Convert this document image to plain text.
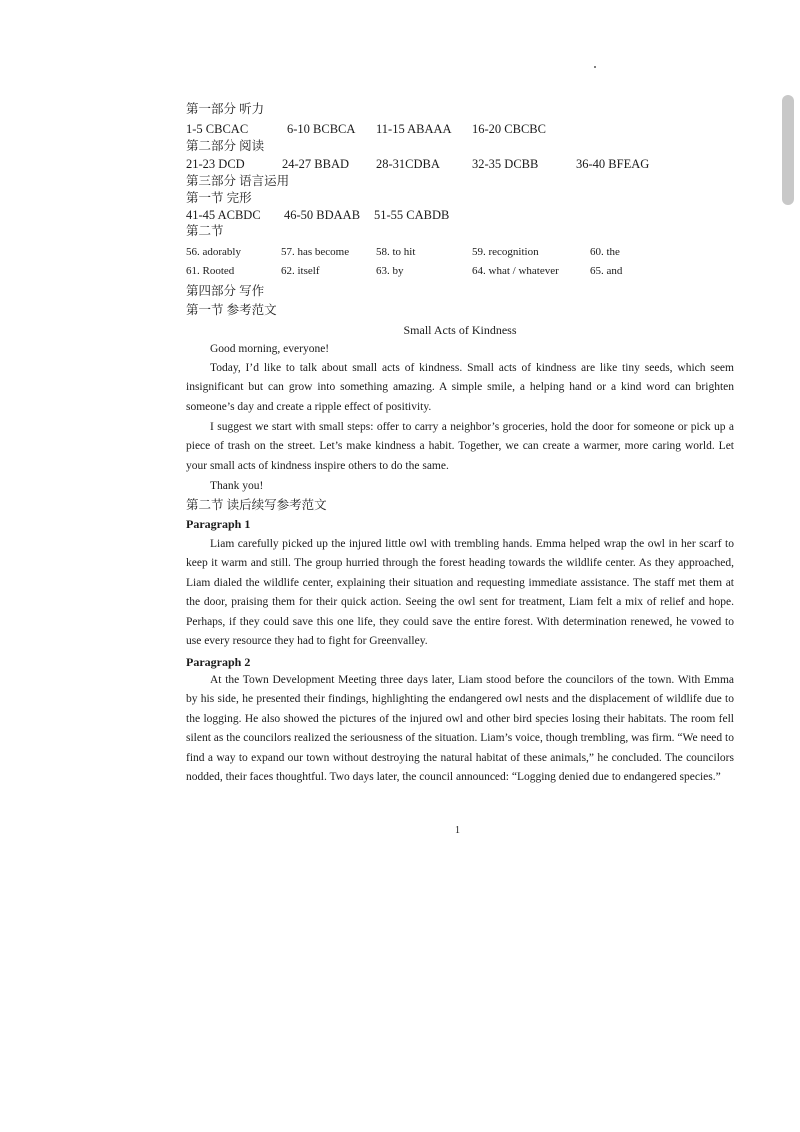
第一部分 听力
1-5 CBCAC	6-10 BCBCA 11-15 ABAAA 16-20 CBCBC
第二部分 阅读
21-23 DCD	24-27 BBAD 28-31CDBA	32-35 DCBB	36-40 BFEAG
第三部分 语言运用
第一节 完形
41-45 ACBDC 46-50 BDAAB 51-55 CABDB
第二节
56. adorably	57. has become 58. to hit	59. recognition	60. the
61. Rooted	62. itself	63. by	64. what / whatever	65. and
第四部分 写作
第一节 参考范文
Small Acts of Kindness

Good morning, everyone!

Today, I’d like to talk about small acts of kindness. Small acts of kindness are like tiny seeds, which seem insignificant but can grow into something amazing. A simple smile, a helping hand or a kind word can brighten someone’s day and create a ripple effect of positivity.

I suggest we start with small steps: offer to carry a neighbor’s groceries, hold the door for someone or pick up a piece of trash on the street. Let’s make kindness a habit. Together, we can create a warmer, more caring world. Let your small acts of kindness inspire others to do the same.

Thank you!

第二节 读后续写参考范文
Paragraph 1

Liam carefully picked up the injured little owl with trembling hands. Emma helped wrap the owl in her scarf to keep it warm and still. The group hurried through the forest heading towards the wildlife center. As they approached, Liam dialed the wildlife center, explaining their situation and requesting immediate assistance. The staff met them at the door, praising them for their quick action. Seeing the owl sent for treatment, Liam felt a mix of relief and hope. Perhaps, if they could save this one life, they could save the entire forest. With determination renewed, he vowed to use every resource they had to fight for Greenvalley.

Paragraph 2

At the Town Development Meeting three days later, Liam stood before the councilors of the town. With Emma by his side, he presented their findings, highlighting the endangered owl nests and the displacement of wildlife due to the logging. He also showed the pictures of the injured owl and other bird species losing their habitats. The room fell silent as the councilors realized the seriousness of the situation. Liam’s voice, though trembling, was firm. “We need to find a way to expand our town without destroying the natural habitat of these animals,” he concluded. The councilors nodded, their faces thoughtful. Two days later, the council announced: “Logging denied due to endangered species.”

1
